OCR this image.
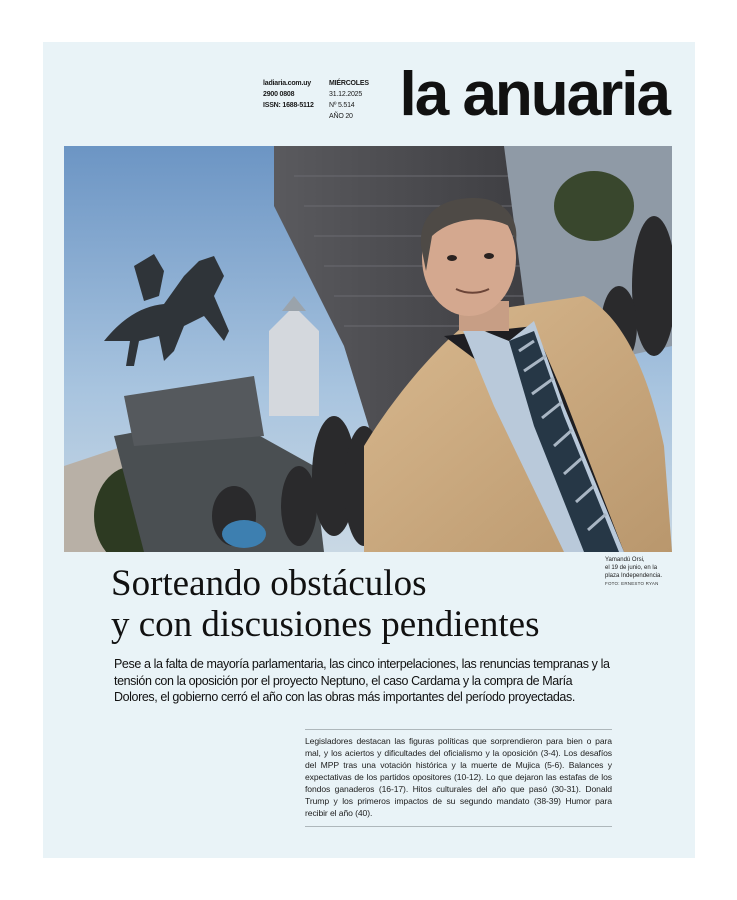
ladiaria.com.uy
2900 0808
ISSN: 1688-5112
MIÉRCOLES
31.12.2025
Nº 5.514
AÑO 20 la anuaria
Yamandú Orsi,
el 19 de junio, en la
plaza Independencia.
FOTO: ERNESTO RYAN
Sorteando obstáculos
y con discusiones pendientes
Pese a la falta de mayoría parlamentaria, las cinco interpelaciones, las renuncias tempranas y la tensión con la oposición por el proyecto Neptuno, el caso Cardama y la compra de María Dolores, el gobierno cerró el año con las obras más importantes del período proyectadas.
Legisladores destacan las figuras políticas que sorprendieron para bien o para mal, y los aciertos y dificultades del oficialismo y la oposición (3-4). Los desafíos del MPP tras una votación histórica y la muerte de Mujica (5-6). Balances y expectativas de los partidos opositores (10-12). Lo que dejaron las estafas de los fondos ganaderos (16-17). Hitos culturales del año que pasó (30-31). Donald Trump y los primeros impactos de su segundo mandato (38-39) Humor para recibir el año (40).
